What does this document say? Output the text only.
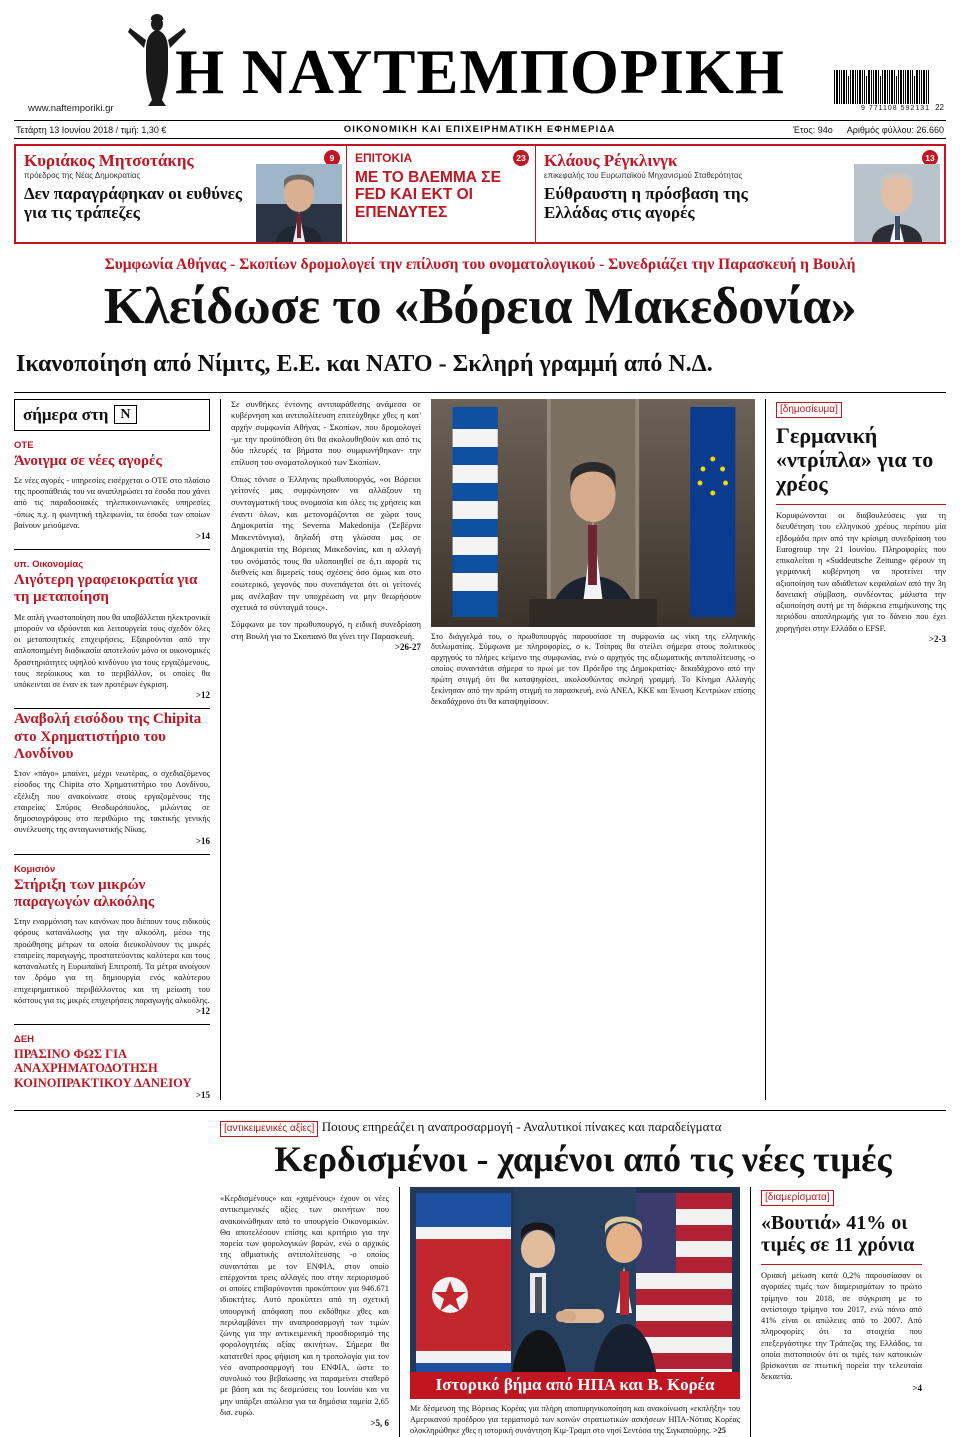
Η ΝΑΥΤΕΜΠΟΡΙΚΗ
www.naftemporiki.gr	9 771108 592131 22
Τετάρτη 13 Ιουνίου 2018 / τιμή: 1,30 €	ΟΙΚΟΝΟΜΙΚΗ ΚΑΙ ΕΠΙΧΕΙΡΗΜΑΤΙΚΗ ΕΦΗΜΕΡΙΔΑ	Έτος: 94ο Αριθμός φύλλου: 26.660
9
Κυριάκος Μητσοτάκης
πρόεδρος της Νέας Δημοκρατίας
Δεν παραγράφηκαν οι ευθύνες για τις τράπεζες
23
ΕΠΙΤΟΚΙΑ
ΜΕ ΤΟ ΒΛΕΜΜΑ ΣΕ FED ΚΑΙ ΕΚΤ ΟΙ ΕΠΕΝΔΥΤΕΣ
13
Κλάους Ρέγκλινγκ
επικεφαλής του Ευρωπαϊκού Μηχανισμού Σταθερότητας
Εύθραυστη η πρόσβαση της Ελλάδας στις αγορές
Συμφωνία Αθήνας - Σκοπίων δρομολογεί την επίλυση του ονοματολογικού - Συνεδριάζει την Παρασκευή η Βουλή
Κλείδωσε το «Βόρεια Μακεδονία»
Ικανοποίηση από Νίμιτς, Ε.Ε. και ΝΑΤΟ - Σκληρή γραμμή από Ν.Δ.
σήμερα στη N
ΟΤΕ
Άνοιγμα σε νέες αγορές
Σε νέες αγορές - υπηρεσίες εισέρχεται ο ΟΤΕ στο πλαίσιο της προσπάθειάς του να αναπληρώσει τα έσοδα που χάνει από τις παραδοσιακές τηλεπικοινωνιακές υπηρεσίες -όπως π.χ. η φωνητική τηλεφωνία, τα έσοδα των οποίων βαίνουν μειούμενα.
>14
υπ. Οικονομίας
Λιγότερη γραφειοκρατία για τη μεταποίηση
Με απλή γνωστοποίηση που θα υποβάλλεται ηλεκτρονικά μπορούν να ιδρύονται και λειτουργεία τους σχεδόν όλες οι μεταποιητικές επιχειρήσεις. Εξαιρούνται από την απλοποιημένη διαδικασία αποτελούν μόνο οι οικονομικές δραστηριότητες υψηλού κινδύνου για τους εργαζόμενους, τους περίοικους και το περιβάλλον, οι οποίες θα υπόκεινται σε έναν εκ των προτέρων έγκριση.
>12
Αναβολή εισόδου της Chipita στο Χρηματιστήριο του Λονδίνου
Στον «πάγο» μπαίνει, μέχρι νεωτέρας, ο σχεδιαζόμενος είσοδος της Chipita στο Χρηματιστήριο του Λονδίνου, εξέλιξη που ανακοίνωσε στους εργαζομένους της εταιρείας Σπύρος Θεοδωρόπουλος, μιλώντας σε δημοσιογράφους στο περιθώριο της τακτικής γενικής συνέλευσης της ανταγωνιστικής Νίκας.
>16
Κομισιόν
Στήριξη των μικρών παραγωγών αλκοόλης
Στην εναρμόνιση των κανόνων που διέπουν τους ειδικούς φόρους κατανάλωσης για την αλκοόλη, μέσω της προώθησης μέτρων τα οποία διευκολύνουν τις μικρές εταιρείες παραγωγής, προστατεύοντας καλύτερα και τους καταναλωτές η Ευρωπαϊκή Επιτροπή. Τα μέτρα ανοίγουν τον δρόμο για τη δημιουργία ενός καλύτερου επιχειρηματικού περιβάλλοντος και τη μείωση του κόστους για τις μικρές επιχειρήσεις παραγωγής αλκοόλης.
>12
ΔΕΗ
ΠΡΑΣΙΝΟ ΦΩΣ ΓΙΑ ΑΝΑΧΡΗΜΑΤΟΔΟΤΗΣΗ ΚΟΙΝΟΠΡΑΚΤΙΚΟΥ ΔΑΝΕΙΟΥ
>15
Σε συνθήκες έντονης αντιπαράθεσης ανάμεσα σε κυβέρνηση και αντιπολίτευση επιτεύχθηκε χθες η κατ' αρχήν συμφωνία Αθήνας - Σκοπίων, που δρομολογεί -με την προϋπόθεση ότι θα ακολουθηθούν και από τις δύο πλευρές τα βήματα που συμφωνήθηκαν- την επίλυση του ονοματολογικού των Σκοπίων.
Όπως τόνισε ο Έλληνας πρωθυπουργός, «οι Βόρειοι γείτονές μας συμφώνησαν να αλλάξουν τη συνταγματική τους ονομασία και όλες τις χρήσεις και έναντι όλων, και μετονομάζονται σε χώρα τους Δημοκρατία της Severna Makedonija (Σεβέρνα Μακεντόνιγια), δηλαδή στη γλώσσα μας σε Δημοκρατία της Βόρειας Μακεδονίας, και η αλλαγή του ονόματός τους θα υλοποιηθεί σε ό,τι αφορά τις διεθνείς και διμερείς τους σχέσεις όσο όμως και στο εσωτερικό, γεγονός που συνεπάγεται ότι οι γείτονές μας ανέλαβαν την υποχρέωση να μην θεωρήσουν σχετικά το σύνταγμά τους».
Σύμφωνα με τον πρωθυπουργό, η ειδική συνεδρίαση στη Βουλή για το Σκοπιανό θα γίνει την Παρασκευή.
>26-27
Στο διάγγελμά του, ο πρωθυπουργός παρουσίασε τη συμφωνία ως νίκη της ελληνικής διπλωματίας. Σύμφωνα με πληροφορίες, ο κ. Τσίπρας θα στείλει σήμερα στους πολιτικούς αρχηγούς το πλήρες κείμενο της συμφωνίας, ενώ ο αρχηγός της αξιωματικής αντιπολίτευσης -ο οποίος συναντάται σήμερα το πρωί με τον Πρόεδρο της Δημοκρατίας- δεκαδάχρονο από την πρώτη στιγμή ότι θα καταψηφίσει, ακολουθώντας σκληρή γραμμή. Το Κίνημα Αλλαγής ξεκίνησαν από την πρώτη στιγμή το παρασκευή, ενώ ΑΝΕΛ, ΚΚΕ και Ένωση Κεντρώων επίσης δεκαδάχρονο ότι θα καταψηφίσουν.
[δημοσίευμα]
Γερμανική «ντρίπλα» για το χρέος
Κορυφώνονται οι διαβουλεύσεις για τη διευθέτηση του ελληνικού χρέους περίπου μία εβδομάδα πριν από την κρίσιμη συνεδρίαση του Eurogroup την 21 Ιουνίου. Πληροφορίες που επικαλείται η «Suddeutsche Zeitung» φέρουν τη γερμανική κυβέρνηση να προτείνει την αξιοποίηση των αδιάθετων κεφαλαίων από την 3η δανειακή σύμβαση, συνδέοντας μάλιστα την αξιοποίηση αυτή με τη διάρκεια επιμήκυνσης της περιόδου αποπληρωμής για το δάνειο που έχει χορηγήσει στην Ελλάδα ο EFSF.
>2-3
[αντικειμενικές αξίες] Ποιους επηρεάζει η αναπροσαρμογή - Αναλυτικοί πίνακες και παραδείγματα
Κερδισμένοι - χαμένοι από τις νέες τιμές
«Κερδισμένους» και «χαμένους» έχουν οι νέες αντικειμενικές αξίες των ακινήτων που ανακοινώθηκαν από το υπουργείο Οικονομικών. Θα αποτελέσουν επίσης και κριτήριο για την πορεία των φορολογικών βαρών, ενώ ο αρχικός της αθμιατικής αντιπολίτευσης -ο οποίος συναντάται με τον ΕΝΦΙΑ, στον οποίο επέρχονται τρεις αλλαγές που στην περιορισμού οι οποίες επιβαρύνονται προκύπτουν για 946.671 ιδιοκτήτες. Αυτό προκύπτει από τη σχετική υπουργική απόφαση που εκδόθηκε χθες και περιλαμβάνει την αναπροσαρμογή των τιμών ζώνης για την αντικειμενική προσδιορισμό της φορολογητέας αξίας ακινήτων. Σήμερα θα κατατεθεί προς φήφιση και η τροπολογία για τον νέο αναπροσαρμογή του ΕΝΦΙΑ, ώστε το συνολικό του βεβαίωσης να παραμείνει σταθερό με βάση και τις δεσμεύσεις του Ιουνίου και να μην υπάρξει απώλεια για τα δημόσια ταμεία 2,65 δισ. ευρώ.
>5, 6
Ιστορικό βήμα από ΗΠΑ και Β. Κορέα
Με δέσμευση της Βόρειας Κορέας για πλήρη αποπυρηνικοποίηση και ανακοίνωση «εκπλήξη» του Αμερικανού προέδρου για τερματισμό των κοινών στρατιωτικών ασκήσεων ΗΠΑ-Νότιας Κορέας ολοκληρώθηκε χθες η ιστορική συνάντηση Κιμ-Τραμπ στο νησί Σεντόσα της Σιγκαπούρης. >25
[διαμερίσματα]
«Βουτιά» 41% οι τιμές σε 11 χρόνια
Οριακή μείωση κατά 0,2% παρουσίασαν οι αγοραίες τιμές των διαμερισμάτων το πρώτο τρίμηνο του 2018, σε σύγκριση με το αντίστοιχο τρίμηνο του 2017, ενώ πάνω από 41% είναι οι απώλειες από το 2007. Από πληροφορίες ότι τα στοιχεία που επεξεργάστηκε την Τράπεζας της Ελλάδος, τα οποία πιστοποιούν ότι οι τιμές των κατοικιών βρίσκονται σε πτωτική πορεία την τελευταία δεκαετία.
>4
